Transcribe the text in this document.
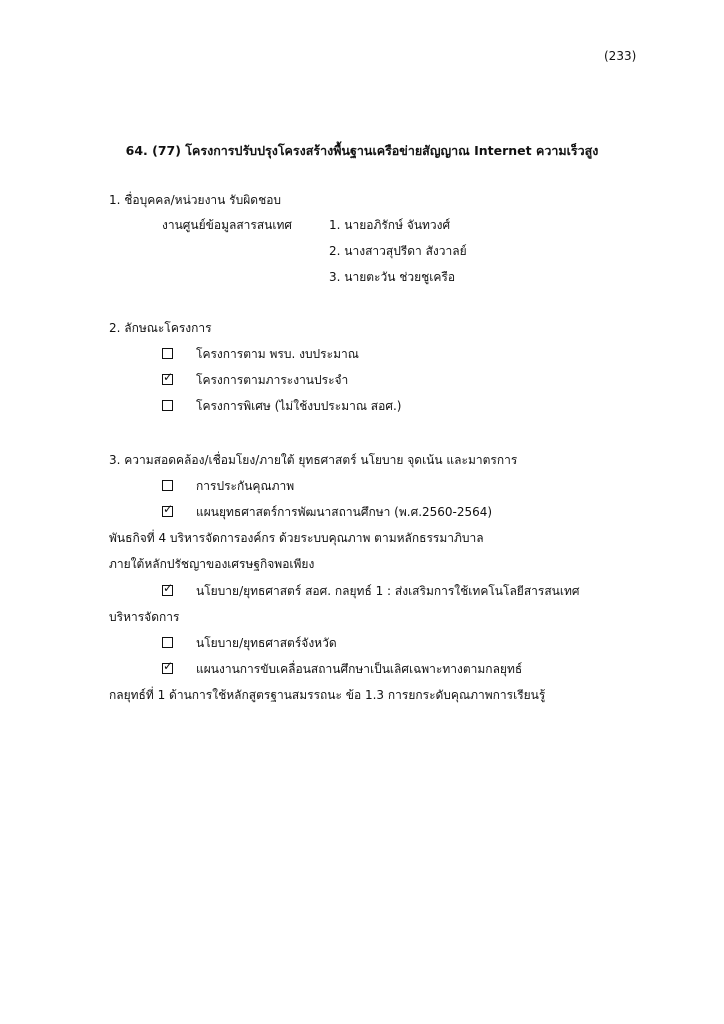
(233)
64. (77) โครงการปรับปรุงโครงสร้างพื้นฐานเครือข่ายสัญญาณ Internet ความเร็วสูง
1. ชื่อบุคคล/หน่วยงาน รับผิดชอบ
งานศูนย์ข้อมูลสารสนเทศ	1. นายอภิรักษ์ จันทวงศ์
2. นางสาวสุปรีดา สังวาลย์
3. นายตะวัน ช่วยชูเครือ
2. ลักษณะโครงการ
โครงการตาม พรบ. งบประมาณ
✓ โครงการตามภาระงานประจำ
โครงการพิเศษ (ไม่ใช้งบประมาณ สอศ.)
3. ความสอดคล้อง/เชื่อมโยง/ภายใต้ ยุทธศาสตร์ นโยบาย จุดเน้น และมาตรการ
การประกันคุณภาพ
✓ แผนยุทธศาสตร์การพัฒนาสถานศึกษา (พ.ศ.2560-2564)
พันธกิจที่ 4 บริหารจัดการองค์กร ด้วยระบบคุณภาพ ตามหลักธรรมาภิบาล
ภายใต้หลักปรัชญาของเศรษฐกิจพอเพียง
✓ นโยบาย/ยุทธศาสตร์ สอศ. กลยุทธ์ 1 : ส่งเสริมการใช้เทคโนโลยีสารสนเทศ
บริหารจัดการ
นโยบาย/ยุทธศาสตร์จังหวัด
✓ แผนงานการขับเคลื่อนสถานศึกษาเป็นเลิศเฉพาะทางตามกลยุทธ์
กลยุทธ์ที่ 1 ด้านการใช้หลักสูตรฐานสมรรถนะ ข้อ 1.3 การยกระดับคุณภาพการเรียนรู้
